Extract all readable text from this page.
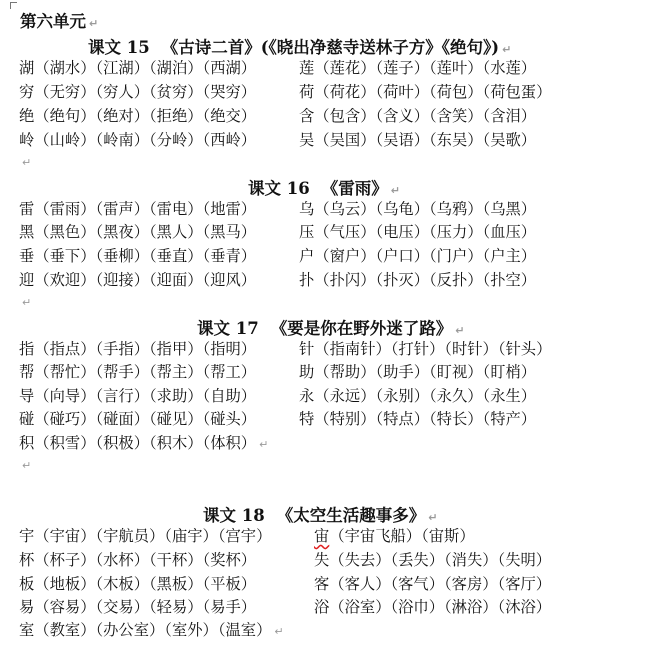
第六单元 ↵
课文 15 《古诗二首》(《晓出净慈寺送林子方》《绝句》) ↵
湖（湖水）（江湖）（湖泊）（西湖）	莲（莲花）（莲子）（莲叶）（水莲）
穷（无穷）（穷人）（贫穷）（哭穷）	荷（荷花）（荷叶）（荷包）（荷包蛋）
绝（绝句）（绝对）（拒绝）（绝交）	含（包含）（含义）（含笑）（含泪）
岭（山岭）（岭南）（分岭）（西岭）	吴（吴国）（吴语）（东吴）（吴歌）
↵
课文 16 《雷雨》 ↵
雷（雷雨）（雷声）（雷电）（地雷）	乌（乌云）（乌龟）（乌鸦）（乌黑）
黑（黑色）（黑夜）（黑人）（黑马）	压（气压）（电压）（压力）（血压）
垂（垂下）（垂柳）（垂直）（垂青）	户（窗户）（户口）（门户）（户主）
迎（欢迎）（迎接）（迎面）（迎风）	扑（扑闪）（扑灭）（反扑）（扑空）
↵
课文 17 《要是你在野外迷了路》 ↵
指（指点）（手指）（指甲）（指明）	针（指南针）（打针）（时针）（针头）
帮（帮忙）（帮手）（帮主）（帮工）	助（帮助）（助手）（盯视）（盯梢）
导（向导）（言行）（求助）（自助）	永（永远）（永别）（永久）（永生）
碰（碰巧）（碰面）（碰见）（碰头）	特（特别）（特点）（特长）（特产）
积（积雪）（积极）（积木）（体积） ↵
↵
课文 18 《太空生活趣事多》 ↵
宇（宇宙）（宇航员）（庙宇）（宫宇）	宙（宇宙飞船）（宙斯）
杯（杯子）（水杯）（干杯）（奖杯）	失（失去）（丢失）（消失）（失明）
板（地板）（木板）（黑板）（平板）	客（客人）（客气）（客房）（客厅）
易（容易）（交易）（轻易）（易手）	浴（浴室）（浴巾）（淋浴）（沐浴）
室（教室）（办公室）（室外）（温室） ↵
